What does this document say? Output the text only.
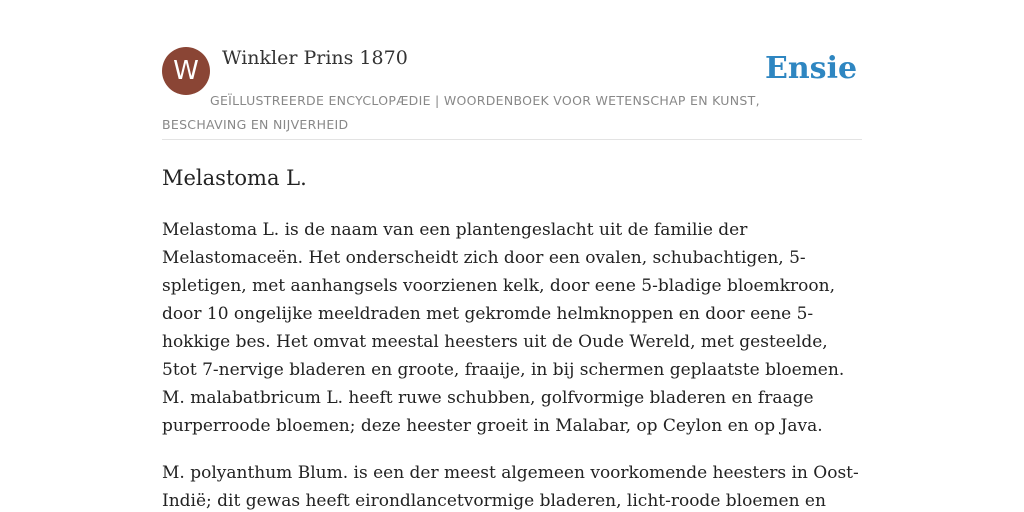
W	Winkler Prins 1870	Ensie
GEÏLLUSTREERDE ENCYCLOPÆDIE | WOORDENBOEK VOOR WETENSCHAP EN KUNST, BESCHAVING EN NIJVERHEID
Melastoma L.

Melastoma L. is de naam van een plantengeslacht uit de familie der Melastomaceën. Het onderscheidt zich door een ovalen, schubachtigen, 5-spletigen, met aanhangsels voorzienen kelk, door eene 5-bladige bloemkroon, door 10 ongelijke meeldraden met gekromde helmknoppen en door eene 5-hokkige bes. Het omvat meestal heesters uit de Oude Wereld, met gesteelde, 5tot 7-nervige bladeren en groote, fraaije, in bij schermen geplaatste bloemen. M. malabatbricum L. heeft ruwe schubben, golfvormige bladeren en fraage purperroode bloemen; deze heester groeit in Malabar, op Ceylon en op Java.

M. polyanthum Blum. is een der meest algemeen voorkomende heesters in Oost-Indië; dit gewas heeft eirondlancetvormige bladeren, licht-roode bloemen en
